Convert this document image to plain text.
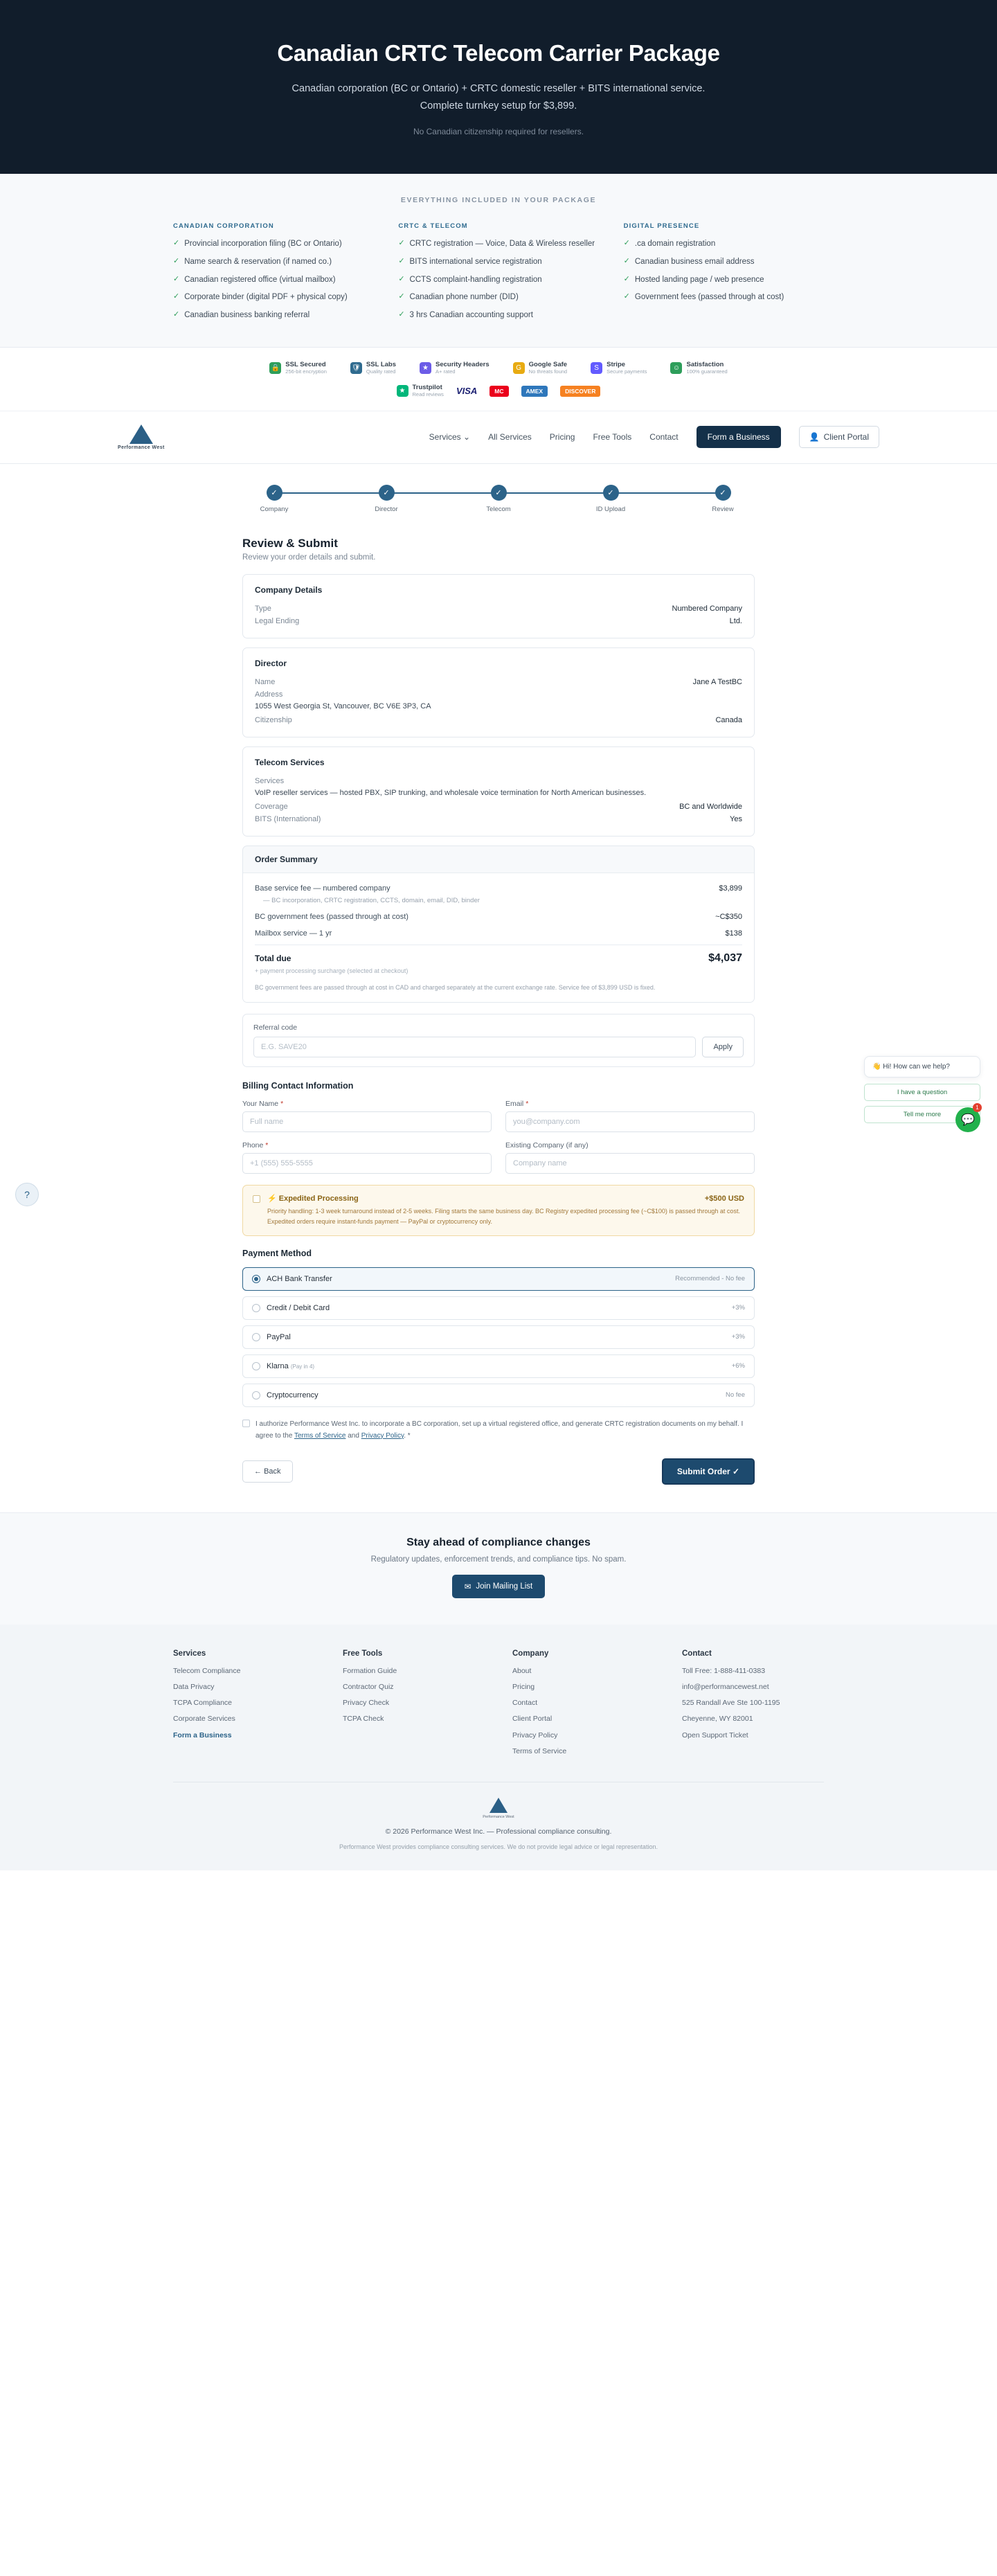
Canadian CRTC Telecom Carrier Package

Canadian corporation (BC or Ontario) + CRTC domestic reseller + BITS international service. Complete turnkey setup for $3,899.

No Canadian citizenship required for resellers.

EVERYTHING INCLUDED IN YOUR PACKAGE
CANADIAN CORPORATION
✓ Provincial incorporation filing (BC or Ontario)
✓ Name search & reservation (if named co.)
✓ Canadian registered office (virtual mailbox)
✓ Corporate binder (digital PDF + physical copy)
✓ Canadian business banking referral
CRTC & TELECOM
✓ CRTC registration — Voice, Data & Wireless reseller
✓ BITS international service registration
✓ CCTS complaint-handling registration
✓ Canadian phone number (DID)
✓ 3 hrs Canadian accounting support
DIGITAL PRESENCE
✓ .ca domain registration
✓ Canadian business email address
✓ Hosted landing page / web presence
✓ Government fees (passed through at cost)
🔒 SSL Secured
256-bit encryption	🛡 SSL Labs
Quality rated	★	Security Headers
A+ rated	G	Google Safe
No threats found	S	Stripe
Secure payments	☺ Satisfaction
100% guaranteed
★	Trustpilot
Read reviews VISA	MC	AMEX	DISCOVER
Performance West
Services ⌄ All Services Pricing Free Tools Contact	Form a Business	👤 Client Portal
✓
Company
✓
Director
✓
Telecom
✓
ID Upload
✓
Review
Review & Submit

Review your order details and submit.

Company Details
Type	Numbered Company
Legal Ending	Ltd.
Director
Name	Jane A TestBC
Address
1055 West Georgia St, Vancouver, BC V6E 3P3, CA
Citizenship	Canada
Telecom Services
Services
VoIP reseller services — hosted PBX, SIP trunking, and wholesale voice termination for North American businesses.
Coverage	BC and Worldwide
BITS (International)	Yes
Order Summary
Base service fee — numbered company	$3,899
— BC incorporation, CRTC registration, CCTS, domain, email, DID, binder
BC government fees (passed through at cost)	~C$350
Mailbox service — 1 yr	$138
Total due	$4,037
+ payment processing surcharge (selected at checkout)
BC government fees are passed through at cost in CAD and charged separately at the current exchange rate. Service fee of $3,899 USD is fixed.
Referral code
E.G. SAVE20
Apply
Billing Contact Information
Your Name *
Full name	Email *
you@company.com
Phone *
+1 (555) 555-5555	Existing Company (if any)
Company name
⚡ Expedited Processing	+$500 USD
Priority handling: 1-3 week turnaround instead of 2-5 weeks. Filing starts the same business day. BC Registry expedited processing fee (~C$100) is passed through at cost.
Expedited orders require instant-funds payment — PayPal or cryptocurrency only.
Payment Method
ACH Bank Transfer	Recommended - No fee
Credit / Debit Card	+3%
PayPal	+3%
Klarna (Pay in 4)	+6%
Cryptocurrency	No fee

I authorize Performance West Inc. to incorporate a BC corporation, set up a virtual registered office, and generate CRTC registration documents on my behalf. I agree to the Terms of Service and Privacy Policy. *

← Back	Submit Order ✓
Stay ahead of compliance changes

Regulatory updates, enforcement trends, and compliance tips. No spam.

✉ Join Mailing List
Services
Telecom Compliance
Data Privacy
TCPA Compliance
Corporate Services
Form a Business
Free Tools
Formation Guide
Contractor Quiz
Privacy Check
TCPA Check
Company
About
Pricing
Contact
Client Portal
Privacy Policy
Terms of Service
Contact
Toll Free: 1-888-411-0383
info@performancewest.net
525 Randall Ave Ste 100-1195
Cheyenne, WY 82001
Open Support Ticket
Performance West
© 2026 Performance West Inc. — Professional compliance consulting.
Performance West provides compliance consulting services. We do not provide legal advice or legal representation.
?
👋 Hi! How can we help?
I have a question
Tell me more	💬
1
